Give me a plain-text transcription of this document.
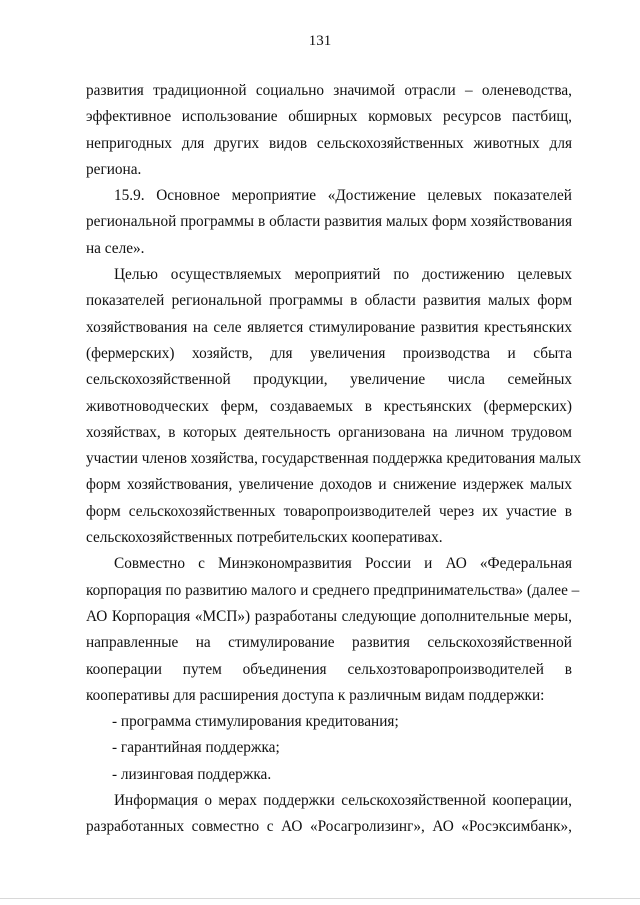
131
развития традиционной социально значимой отрасли – оленеводства,
эффективное использование обширных кормовых ресурсов пастбищ,
непригодных для других видов сельскохозяйственных животных для
региона.
15.9. Основное мероприятие «Достижение целевых показателей
региональной программы в области развития малых форм хозяйствования
на селе».
Целью осуществляемых мероприятий по достижению целевых
показателей региональной программы в области развития малых форм
хозяйствования на селе является стимулирование развития крестьянских
(фермерских) хозяйств, для увеличения производства и сбыта
сельскохозяйственной продукции, увеличение числа семейных
животноводческих ферм, создаваемых в крестьянских (фермерских)
хозяйствах, в которых деятельность организована на личном трудовом
участии членов хозяйства, государственная поддержка кредитования малых
форм хозяйствования, увеличение доходов и снижение издержек малых
форм сельскохозяйственных товаропроизводителей через их участие в
сельскохозяйственных потребительских кооперативах.
Совместно с Минэкономразвития России и АО «Федеральная
корпорация по развитию малого и среднего предпринимательства» (далее –
АО Корпорация «МСП») разработаны следующие дополнительные меры,
направленные на стимулирование развития сельскохозяйственной
кооперации путем объединения сельхозтоваропроизводителей в
кооперативы для расширения доступа к различным видам поддержки:
- программа стимулирования кредитования;
- гарантийная поддержка;
- лизинговая поддержка.
Информация о мерах поддержки сельскохозяйственной кооперации,
разработанных совместно с АО «Росагролизинг», АО «Росэксимбанк»,
